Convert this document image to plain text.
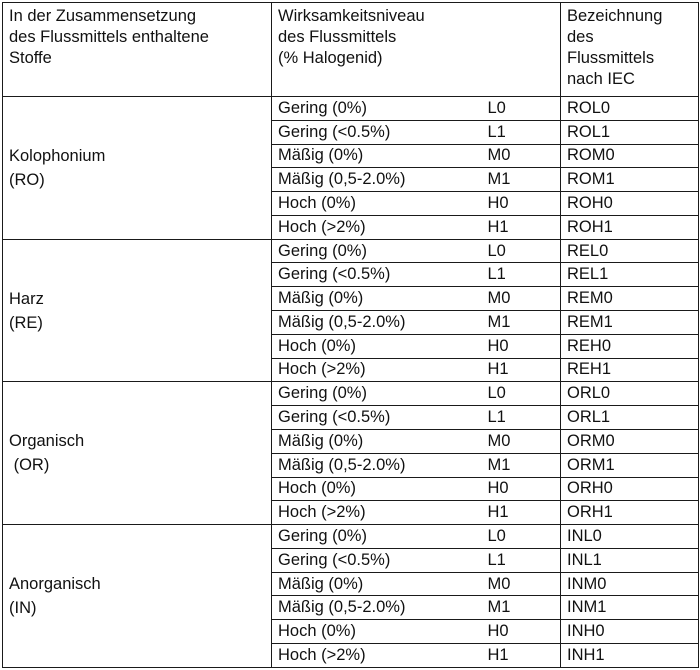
In der Zusammensetzung
des Flussmittels enthaltene
Stoffe	Wirksamkeitsniveau
des Flussmittels
(% Halogenid)		Bezeichnung
des
Flussmittels
nach IEC

Kolophonium
(RO)	Gering (0%)	L0	ROL0
	Gering (<0.5%)	L1	ROL1
	Mäßig (0%)	M0	ROM0
	Mäßig (0,5-2.0%)	M1	ROM1
	Hoch (0%)	H0	ROH0
	Hoch (>2%)	H1	ROH1

Harz
(RE)	Gering (0%)	L0	REL0
	Gering (<0.5%)	L1	REL1
	Mäßig (0%)	M0	REM0
	Mäßig (0,5-2.0%)	M1	REM1
	Hoch (0%)	H0	REH0
	Hoch (>2%)	H1	REH1

Organisch
(OR)	Gering (0%)	L0	ORL0
	Gering (<0.5%)	L1	ORL1
	Mäßig (0%)	M0	ORM0
	Mäßig (0,5-2.0%)	M1	ORM1
	Hoch (0%)	H0	ORH0
	Hoch (>2%)	H1	ORH1

Anorganisch
(IN)	Gering (0%)	L0	INL0
	Gering (<0.5%)	L1	INL1
	Mäßig (0%)	M0	INM0
	Mäßig (0,5-2.0%)	M1	INM1
	Hoch (0%)	H0	INH0
	Hoch (>2%)	H1	INH1
